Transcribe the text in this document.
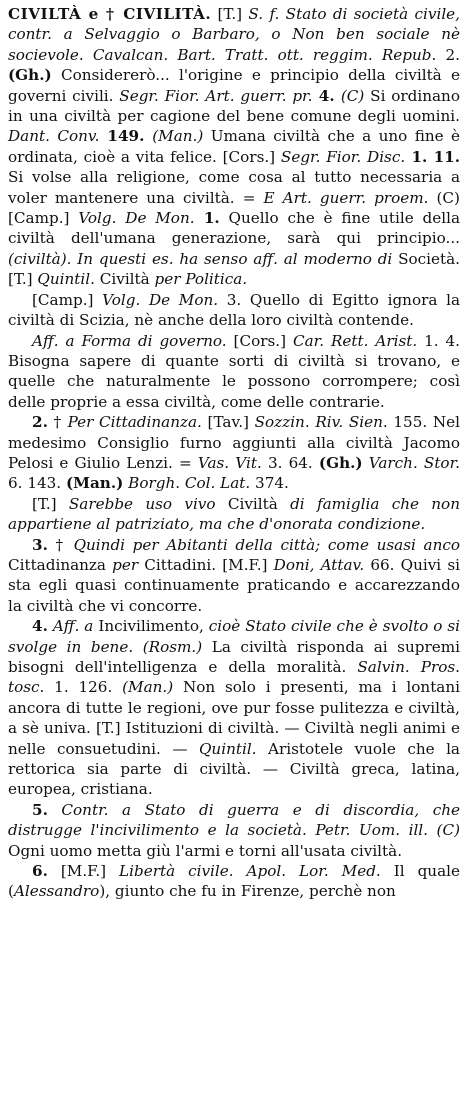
CIVILTÀ e † CIVILITÀ. [T.] S. f. Stato di società civile, contr. a Selvaggio o Barbaro, o Non ben sociale nè socievole. Cavalcan. Bart. Tratt. ott. reggim. Repub. 2. (Gh.) Considererò... l'origine e principio della civiltà e governi civili. Segr. Fior. Art. guerr. pr. 4. (C) Si ordinano in una civiltà per cagione del bene comune degli uomini. Dant. Conv. 149. (Man.) Umana civiltà che a uno fine è ordinata, cioè a vita felice. [Cors.] Segr. Fior. Disc. 1. 11. Si volse alla religione, come cosa al tutto necessaria a voler mantenere una civiltà. = E Art. guerr. proem. (C) [Camp.] Volg. De Mon. 1. Quello che è fine utile della civiltà dell'umana generazione, sarà qui principio... (civiltà). In questi es. ha senso aff. al moderno di Società. [T.] Quintil. Civiltà per Politica.

[Camp.] Volg. De Mon. 3. Quello di Egitto ignora la civiltà di Scizia, nè anche della loro civiltà contende.

Aff. a Forma di governo. [Cors.] Car. Rett. Arist. 1. 4. Bisogna sapere di quante sorti di civiltà si trovano, e quelle che naturalmente le possono corrompere; così delle proprie a essa civiltà, come delle contrarie.

2. † Per Cittadinanza. [Tav.] Sozzin. Riv. Sien. 155. Nel medesimo Consiglio furno aggiunti alla civiltà Jacomo Pelosi e Giulio Lenzi. = Vas. Vit. 3. 64. (Gh.) Varch. Stor. 6. 143. (Man.) Borgh. Col. Lat. 374.

[T.] Sarebbe uso vivo Civiltà di famiglia che non appartiene al patriziato, ma che d'onorata condizione.

3. † Quindi per Abitanti della città; come usasi anco Cittadinanza per Cittadini. [M.F.] Doni, Attav. 66. Quivi si sta egli quasi continuamente praticando e accarezzando la civiltà che vi concorre.

4. Aff. a Incivilimento, cioè Stato civile che è svolto o si svolge in bene. (Rosm.) La civiltà risponda ai supremi bisogni dell'intelligenza e della moralità. Salvin. Pros. tosc. 1. 126. (Man.) Non solo i presenti, ma i lontani ancora di tutte le regioni, ove pur fosse pulitezza e civiltà, a sè univa. [T.] Istituzioni di civiltà. — Civiltà negli animi e nelle consuetudini. — Quintil. Aristotele vuole che la rettorica sia parte di civiltà. — Civiltà greca, latina, europea, cristiana.

5. Contr. a Stato di guerra e di discordia, che distrugge l'incivilimento e la società. Petr. Uom. ill. (C) Ogni uomo metta giù l'armi e torni all'usata civiltà.

6. [M.F.] Libertà civile. Apol. Lor. Med. Il quale (Alessandro), giunto che fu in Firenze, perchè non
